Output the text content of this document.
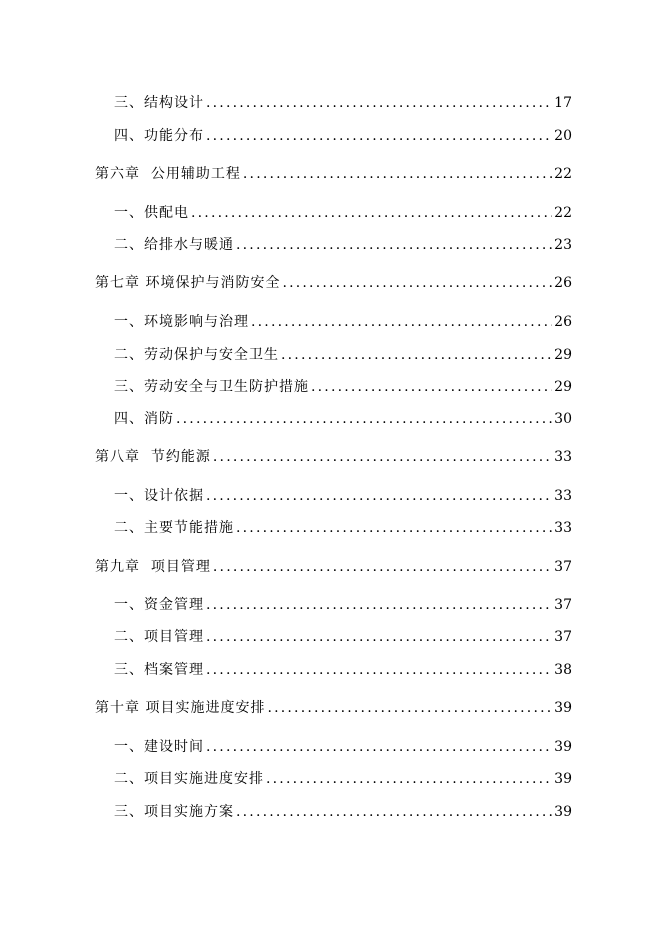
三、结构设计 .....	17
四、功能分布 .....	20
第六章  公用辅助工程 .....	22
一、供配电 .....	22
二、给排水与暖通 .....	23
第七章 环境保护与消防安全 .....	26
一、环境影响与治理 .....	26
二、劳动保护与安全卫生 .....	29
三、劳动安全与卫生防护措施 .....	29
四、消防 .....	30
第八章  节约能源 .....	33
一、设计依据 .....	33
二、主要节能措施 .....	33
第九章  项目管理 .....	37
一、资金管理 .....	37
二、项目管理 .....	37
三、档案管理 .....	38
第十章 项目实施进度安排 .....	39
一、建设时间 .....	39
二、项目实施进度安排 .....	39
三、项目实施方案 .....	39
